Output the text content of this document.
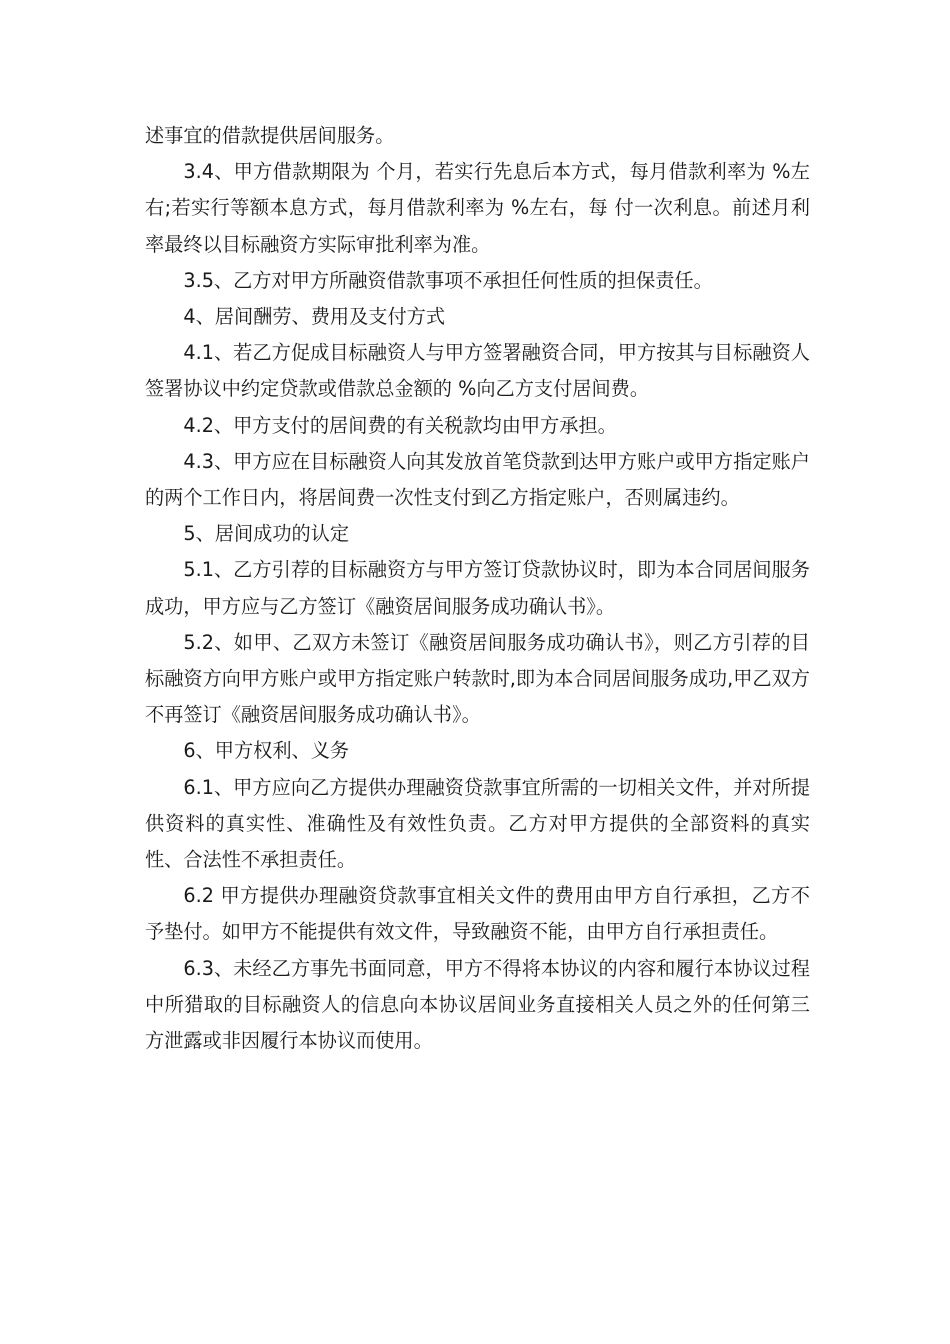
述事宜的借款提供居间服务。

3.4、甲方借款期限为 个月，若实行先息后本方式，每月借款利率为 %左右;若实行等额本息方式，每月借款利率为 %左右，每 付一次利息。前述月利率最终以目标融资方实际审批利率为准。

3.5、乙方对甲方所融资借款事项不承担任何性质的担保责任。

4、居间酬劳、费用及支付方式

4.1、若乙方促成目标融资人与甲方签署融资合同，甲方按其与目标融资人签署协议中约定贷款或借款总金额的 %向乙方支付居间费。

4.2、甲方支付的居间费的有关税款均由甲方承担。

4.3、甲方应在目标融资人向其发放首笔贷款到达甲方账户或甲方指定账户的两个工作日内，将居间费一次性支付到乙方指定账户，否则属违约。

5、居间成功的认定

5.1、乙方引荐的目标融资方与甲方签订贷款协议时，即为本合同居间服务成功，甲方应与乙方签订《融资居间服务成功确认书》。

5.2、如甲、乙双方未签订《融资居间服务成功确认书》，则乙方引荐的目标融资方向甲方账户或甲方指定账户转款时,即为本合同居间服务成功,甲乙双方不再签订《融资居间服务成功确认书》。

6、甲方权利、义务

6.1、甲方应向乙方提供办理融资贷款事宜所需的一切相关文件，并对所提供资料的真实性、准确性及有效性负责。乙方对甲方提供的全部资料的真实性、合法性不承担责任。

6.2 甲方提供办理融资贷款事宜相关文件的费用由甲方自行承担，乙方不予垫付。如甲方不能提供有效文件，导致融资不能，由甲方自行承担责任。

6.3、未经乙方事先书面同意，甲方不得将本协议的内容和履行本协议过程中所猎取的目标融资人的信息向本协议居间业务直接相关人员之外的任何第三方泄露或非因履行本协议而使用。
